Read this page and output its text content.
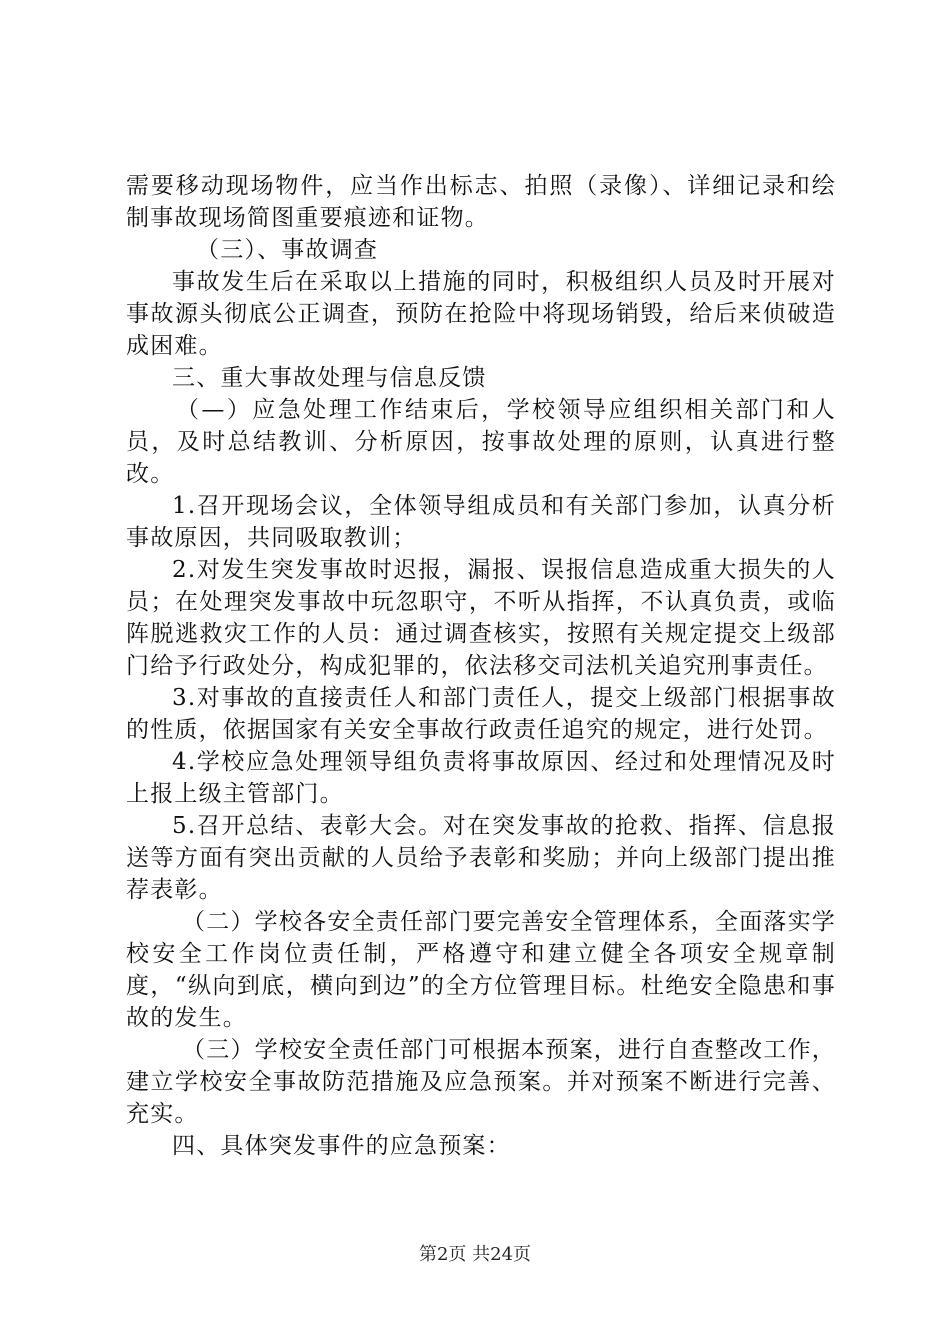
需要移动现场物件，应当作出标志、拍照（录像）、详细记录和绘制事故现场简图重要痕迹和证物。

（三）、事故调查

事故发生后在采取以上措施的同时，积极组织人员及时开展对事故源头彻底公正调查，预防在抢险中将现场销毁，给后来侦破造成困难。

三、重大事故处理与信息反馈

（—）应急处理工作结束后，学校领导应组织相关部门和人员，及时总结教训、分析原因，按事故处理的原则，认真进行整改。

1.召开现场会议，全体领导组成员和有关部门参加，认真分析事故原因，共同吸取教训；

2.对发生突发事故时迟报，漏报、误报信息造成重大损失的人员；在处理突发事故中玩忽职守，不听从指挥，不认真负责，或临阵脱逃救灾工作的人员：通过调查核实，按照有关规定提交上级部门给予行政处分，构成犯罪的，依法移交司法机关追究刑事责任。

3.对事故的直接责任人和部门责任人，提交上级部门根据事故的性质，依据国家有关安全事故行政责任追究的规定，进行处罚。

4.学校应急处理领导组负责将事故原因、经过和处理情况及时上报上级主管部门。

5.召开总结、表彰大会。对在突发事故的抢救、指挥、信息报送等方面有突出贡献的人员给予表彰和奖励；并向上级部门提出推荐表彰。

（二）学校各安全责任部门要完善安全管理体系，全面落实学校安全工作岗位责任制，严格遵守和建立健全各项安全规章制度，“纵向到底，横向到边”的全方位管理目标。杜绝安全隐患和事故的发生。

（三）学校安全责任部门可根据本预案，进行自查整改工作，建立学校安全事故防范措施及应急预案。并对预案不断进行完善、充实。

四、具体突发事件的应急预案：

第2页 共24页
